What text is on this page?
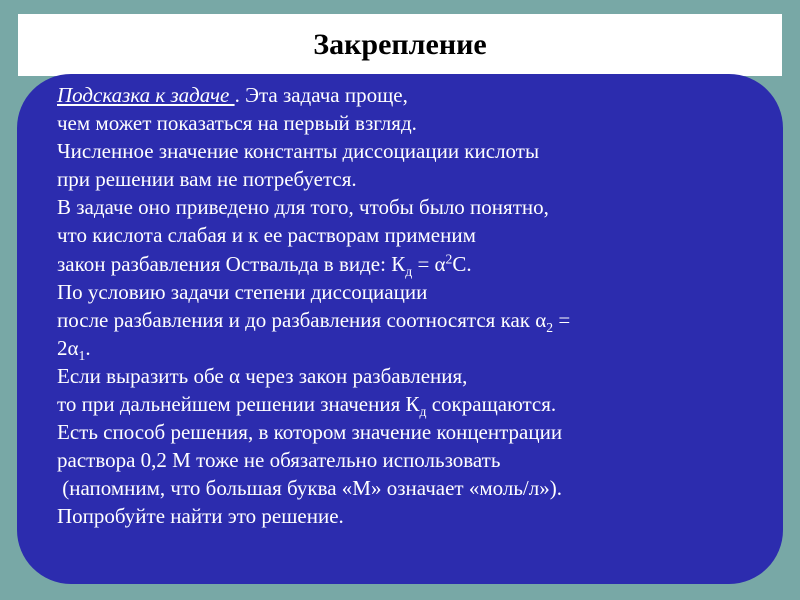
Закрепление
Подсказка к задаче . Эта задача проще,
чем может показаться на первый взгляд.
Численное значение константы диссоциации кислоты
при решении вам не потребуется.
В задаче оно приведено для того, чтобы было понятно,
что кислота слабая и к ее растворам применим
закон разбавления Оствальда в виде: $К_д = \alpha^2С$.
По условию задачи степени диссоциации
после разбавления и до разбавления соотносятся как $\alpha_2$ =
$2\alpha_1$.
Если выразить обе α через закон разбавления,
то при дальнейшем решении значения $К_д$ сокращаются.
Есть способ решения, в котором значение концентрации
раствора 0,2 М тоже не обязательно использовать
(напомним, что большая буква «М» означает «моль/л»).
Попробуйте найти это решение.
